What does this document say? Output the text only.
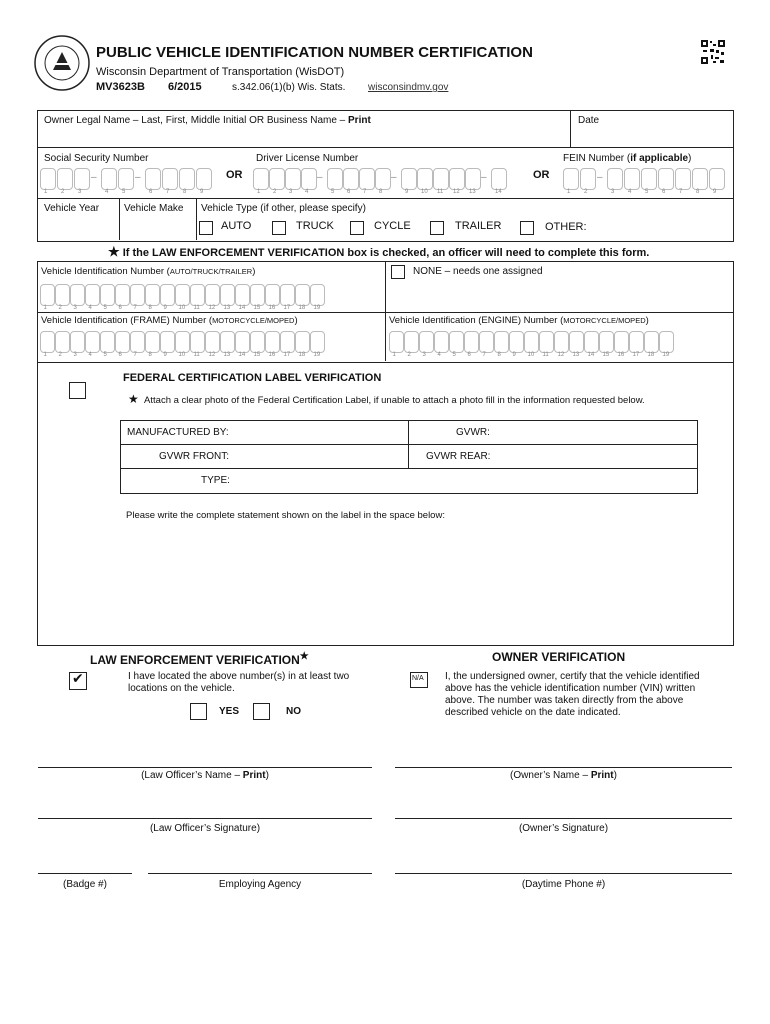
PUBLIC VEHICLE IDENTIFICATION NUMBER CERTIFICATION
Wisconsin Department of Transportation (WisDOT)
MV3623B 6/2015	s.342.06(1)(b) Wis. Stats. wisconsindmv.gov
Owner Legal Name – Last, First, Middle Initial OR Business Name – Print	Date
Social Security Number	Driver License Number	FEIN Number (if applicable)
OR	OR
1 2 3
–
4 5
–
6 7 8 9	1 2 3 4
–
5 6 7 8
–
9 10 11 12 13
–
14	1 2
–
3 4 5 6 7 8 9
Vehicle Year Vehicle Make Vehicle Type (if other, please specify)
AUTO	TRUCK	CYCLE	TRAILER	OTHER:
★ If the LAW ENFORCEMENT VERIFICATION box is checked, an officer will need to complete this form.
Vehicle Identification Number (AUTO/TRUCK/TRAILER)	NONE – needs one assigned
Vehicle Identification (FRAME) Number (MOTORCYCLE/MOPED)	Vehicle Identification (ENGINE) Number (MOTORCYCLE/MOPED)
1 2 3 4 5 6 7 8 9 10 11 12 13 14 15 16 17 18 19
1 2 3 4 5 6 7 8 9 10 11 12 13 14 15 16 17 18 19	1 2 3 4 5 6 7 8 9 10 11 12 13 14 15 16 17 18 19
FEDERAL CERTIFICATION LABEL VERIFICATION
★ Attach a clear photo of the Federal Certification Label, if unable to attach a photo fill in the information requested below.
MANUFACTURED BY:	GVWR:
GVWR FRONT:	GVWR REAR:
TYPE:
Please write the complete statement shown on the label in the space below:
LAW ENFORCEMENT VERIFICATION★
✔	I have located the above number(s) in at least two locations on the vehicle.
YES	NO
(Law Officer’s Name – Print)
(Law Officer’s Signature)
(Badge #)	Employing Agency
OWNER VERIFICATION
N/A I, the undersigned owner, certify that the vehicle identified above has the vehicle identification number (VIN) written above. The number was taken directly from the above described vehicle on the date indicated.
(Owner’s Name – Print)
(Owner’s Signature)
(Daytime Phone #)
